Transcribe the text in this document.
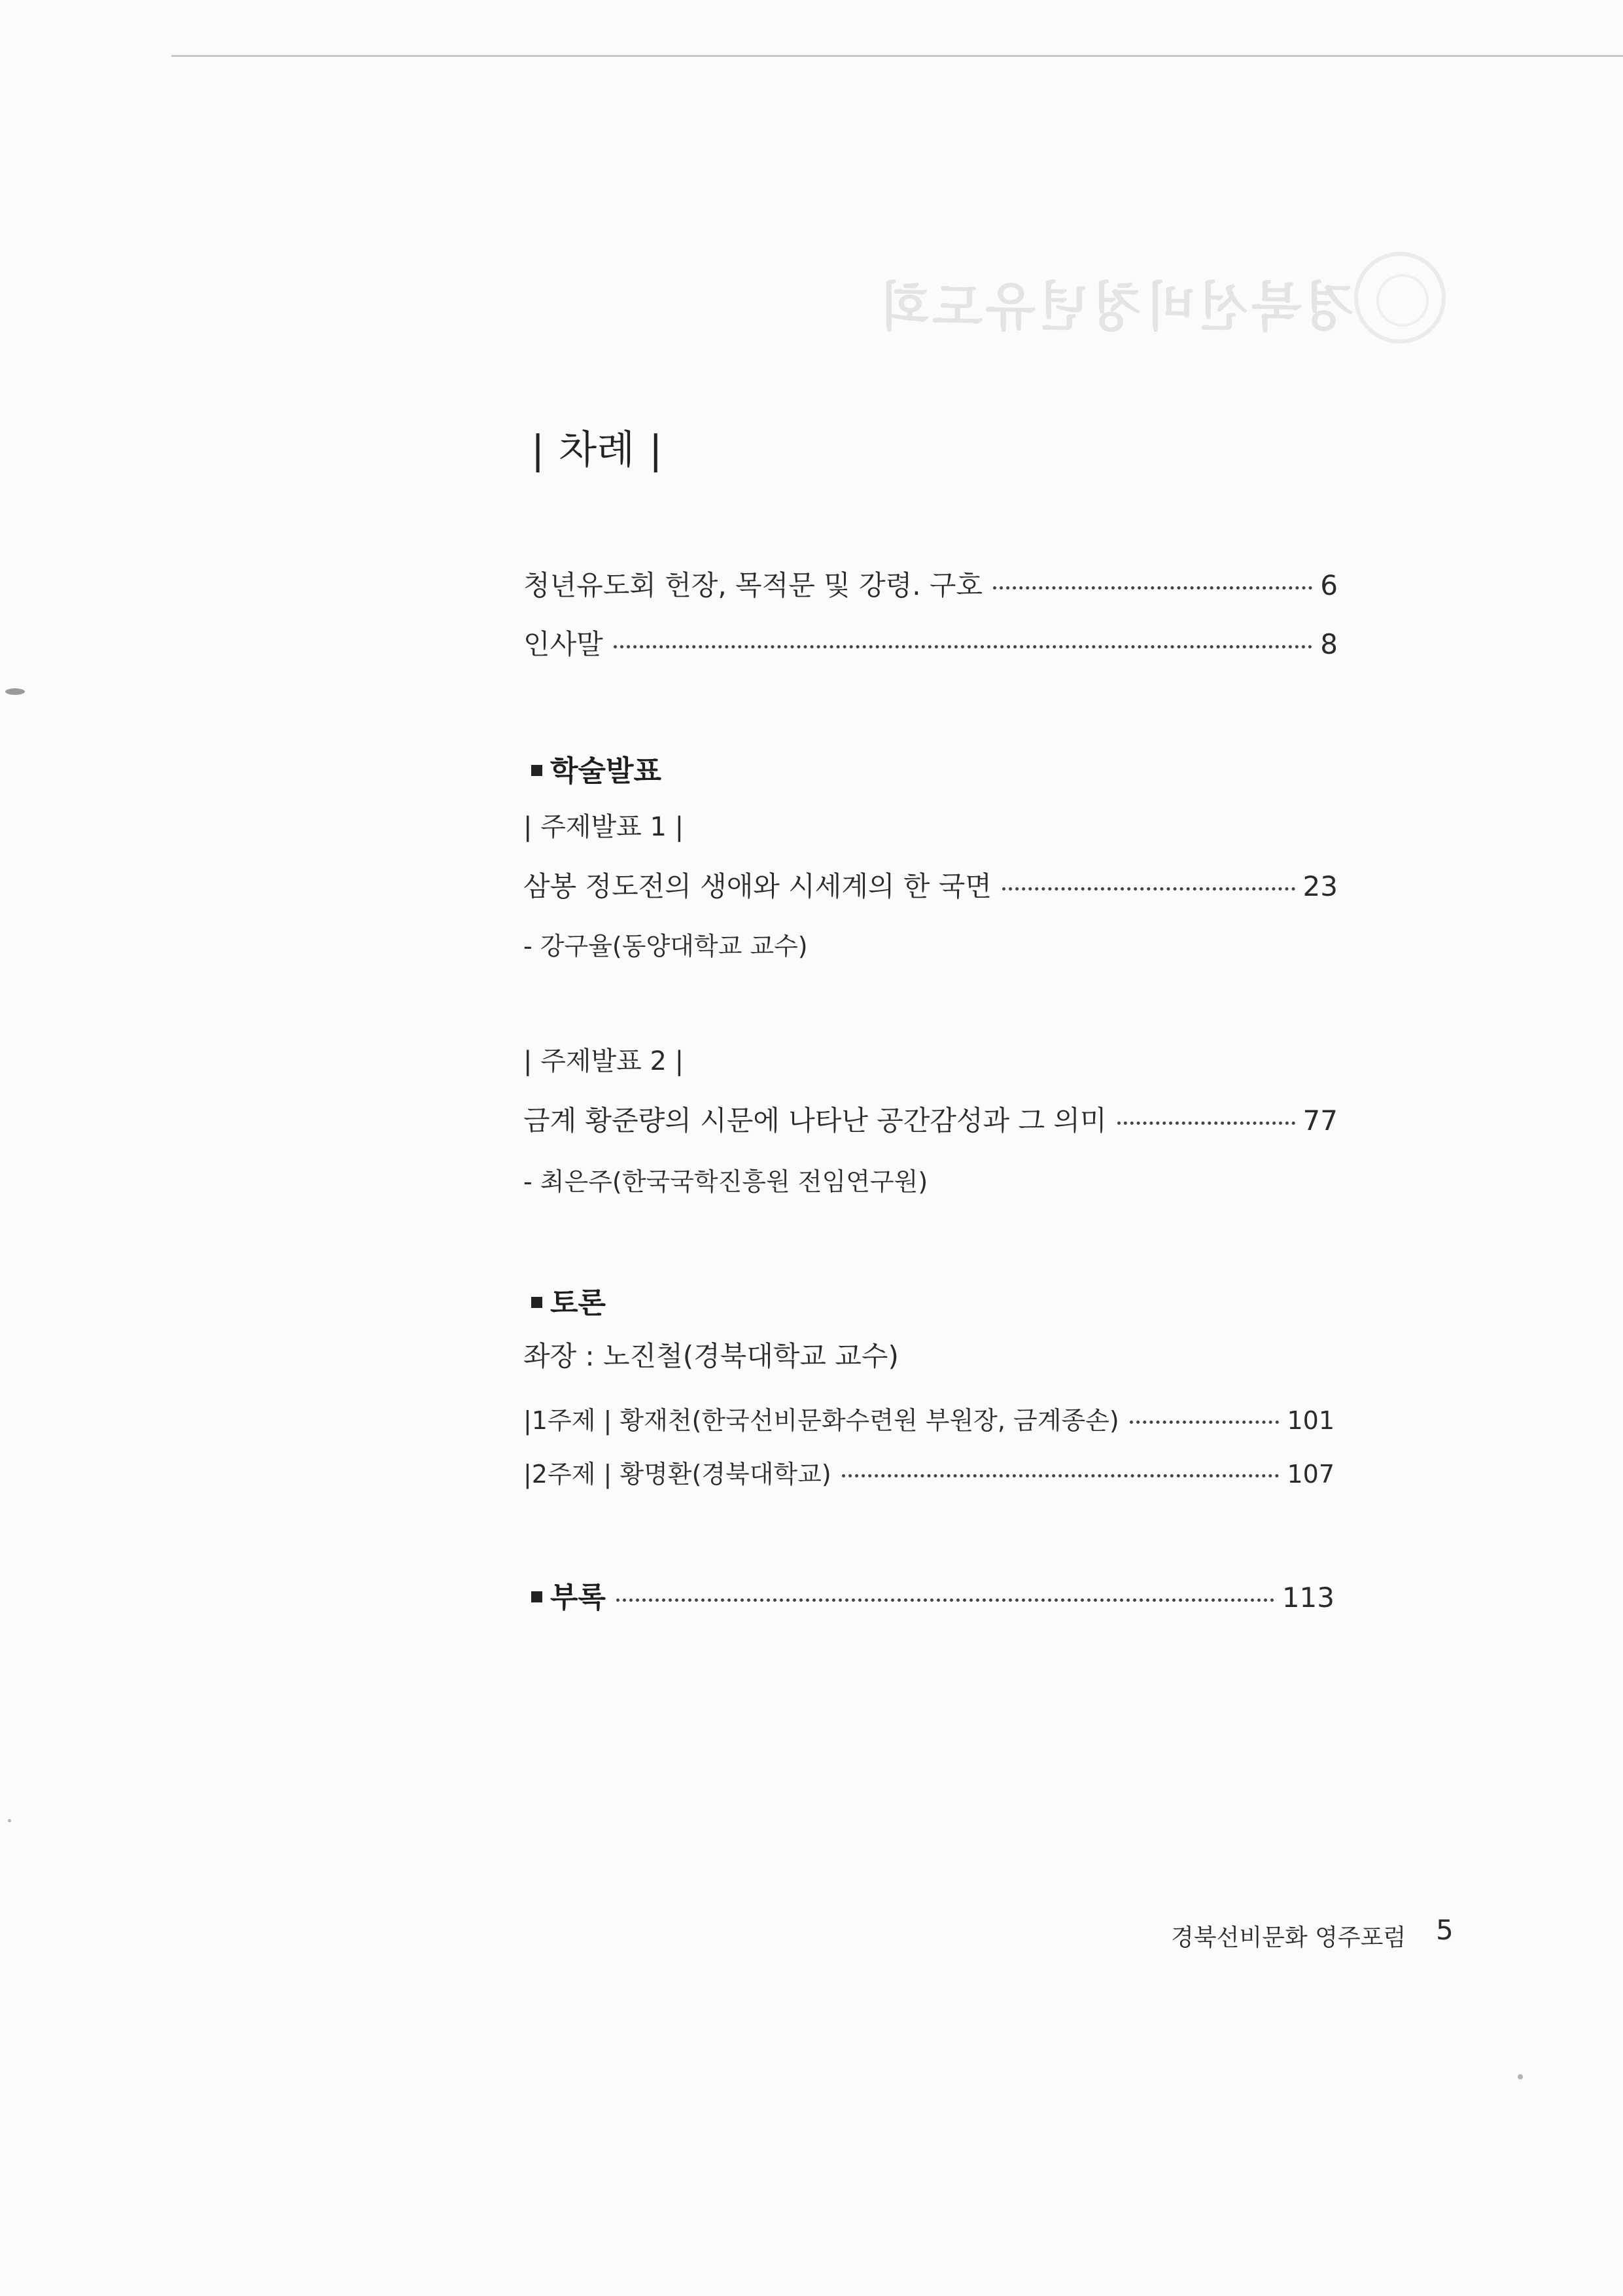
경북선비청년유도회
| 차례 |
청년유도회 헌장, 목적문 및 강령. 구호	6
인사말	8
학술발표
| 주제발표 1 |
삼봉 정도전의 생애와 시세계의 한 국면	23
- 강구율(동양대학교 교수)
| 주제발표 2 |
금계 황준량의 시문에 나타난 공간감성과 그 의미	77
- 최은주(한국국학진흥원 전임연구원)
토론
좌장 : 노진철(경북대학교 교수)
|1주제 | 황재천(한국선비문화수련원 부원장, 금계종손)	101
|2주제 | 황명환(경북대학교)	107
부록	113
경북선비문화 영주포럼 5
